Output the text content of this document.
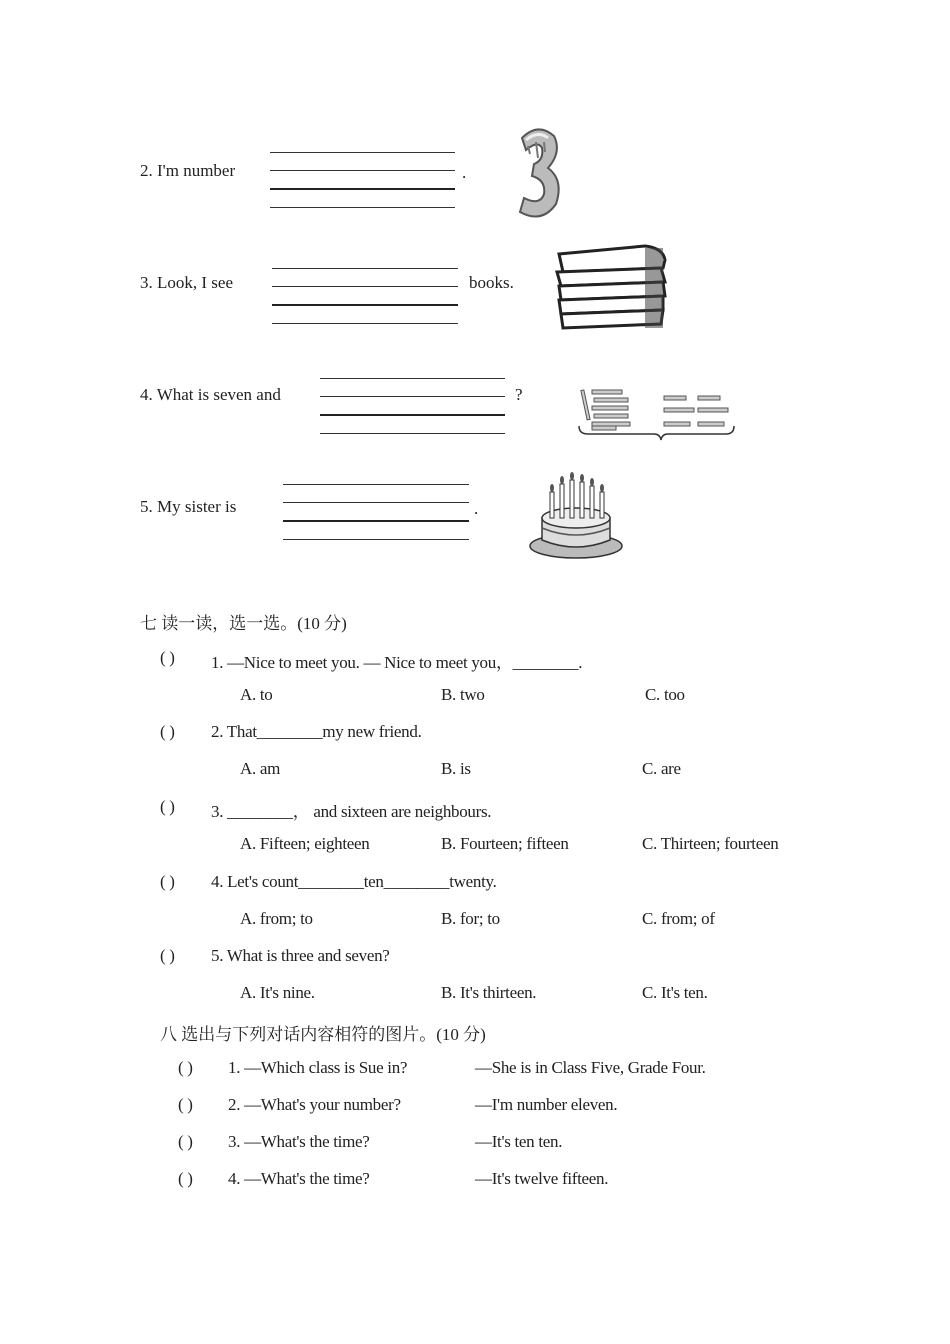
2. I'm number	.
3. Look, I see	books.
4. What is seven and	?
5. My sister is	.
七 读一读，选一选。(10 分)
( ) 1. —Nice to meet you. — Nice to meet you，________.
A. to	B. two	C. too
( ) 2. That________my new friend.
A. am	B. is	C. are
( ) 3. ________， and sixteen are neighbours.
A. Fifteen; eighteen	B. Fourteen; fifteen	C. Thirteen; fourteen
( ) 4. Let's count________ten________twenty.
A. from; to	B. for; to	C. from; of
( ) 5. What is three and seven?
A. It's nine.	B. It's thirteen.	C. It's ten.
八 选出与下列对话内容相符的图片。(10 分)
( ) 1. —Which class is Sue in?	—She is in Class Five, Grade Four.
( ) 2. —What's your number?	—I'm number eleven.
( ) 3. —What's the time?	—It's ten ten.
( ) 4. —What's the time?	—It's twelve fifteen.
